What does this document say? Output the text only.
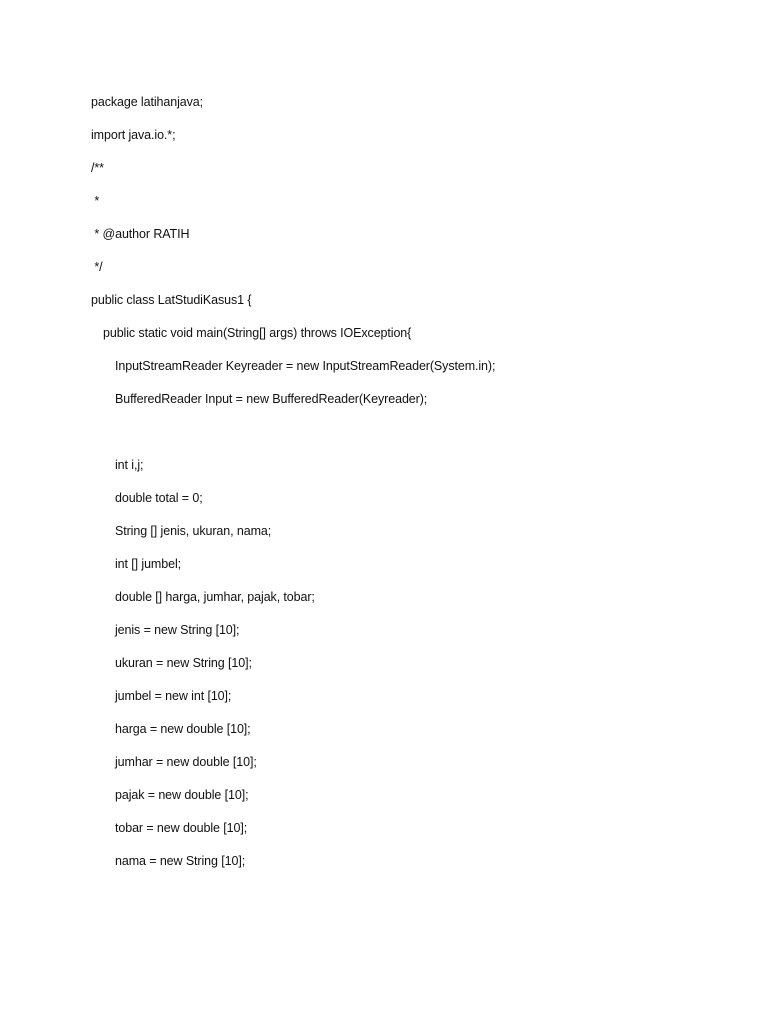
package latihanjava;
import java.io.*;
/**
*
* @author RATIH
*/
public class LatStudiKasus1 {
public static void main(String[] args) throws IOException{
InputStreamReader Keyreader = new InputStreamReader(System.in);
BufferedReader Input = new BufferedReader(Keyreader);
int i,j;
double total = 0;
String [] jenis, ukuran, nama;
int [] jumbel;
double [] harga, jumhar, pajak, tobar;
jenis = new String [10];
ukuran = new String [10];
jumbel = new int [10];
harga = new double [10];
jumhar = new double [10];
pajak = new double [10];
tobar = new double [10];
nama = new String [10];
